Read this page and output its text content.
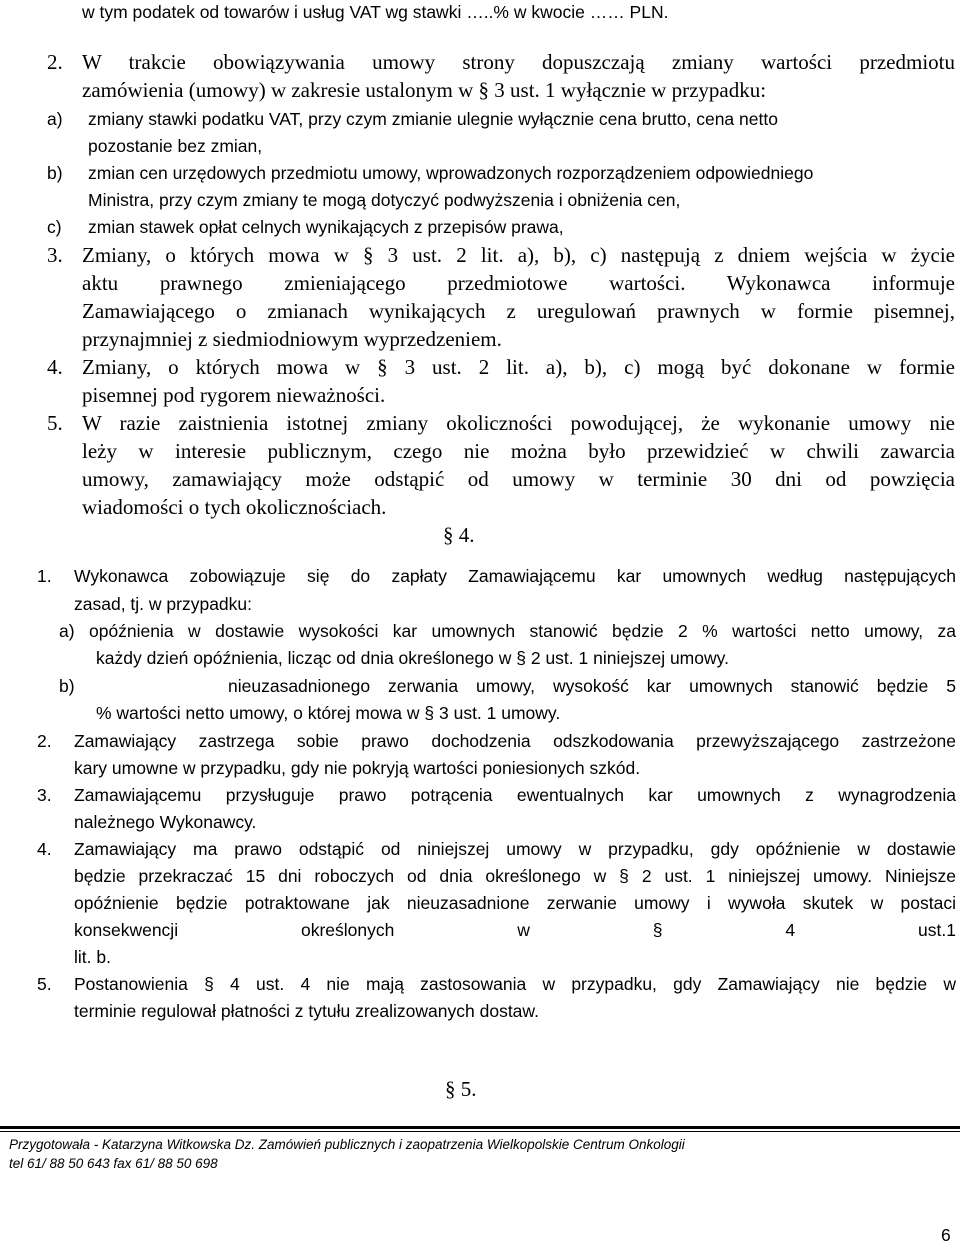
w tym podatek od towarów i usług VAT wg stawki …..% w kwocie …… PLN.
2. W trakcie obowiązywania umowy strony dopuszczają zmiany wartości przedmiotu
zamówienia (umowy) w zakresie ustalonym w § 3 ust. 1 wyłącznie w przypadku:
a) zmiany stawki podatku VAT, przy czym zmianie ulegnie wyłącznie cena brutto, cena netto
pozostanie bez zmian,
b) zmian cen urzędowych przedmiotu umowy, wprowadzonych rozporządzeniem odpowiedniego
Ministra, przy czym zmiany te mogą dotyczyć podwyższenia i obniżenia cen,
c) zmian stawek opłat celnych wynikających z przepisów prawa,
3. Zmiany, o których mowa w § 3 ust. 2 lit. a), b), c) następują z dniem wejścia w życie
aktu prawnego zmieniającego przedmiotowe wartości. Wykonawca informuje
Zamawiającego o zmianach wynikających z uregulowań prawnych w formie pisemnej,
przynajmniej z siedmiodniowym wyprzedzeniem.
4. Zmiany, o których mowa w § 3 ust. 2 lit. a), b), c) mogą być dokonane w formie
pisemnej pod rygorem nieważności.
5. W razie zaistnienia istotnej zmiany okoliczności powodującej, że wykonanie umowy nie
leży w interesie publicznym, czego nie można było przewidzieć w chwili zawarcia
umowy, zamawiający może odstąpić od umowy w terminie 30 dni od powzięcia
wiadomości o tych okolicznościach.
§ 4.
1. Wykonawca zobowiązuje się do zapłaty Zamawiającemu kar umownych według następujących
zasad, tj. w przypadku:
a) opóźnienia w dostawie wysokości kar umownych stanowić będzie 2 % wartości netto umowy, za
każdy dzień opóźnienia, licząc od dnia określonego w § 2 ust. 1 niniejszej umowy.
b)	nieuzasadnionego zerwania umowy, wysokość kar umownych stanowić będzie 5
% wartości netto umowy, o której mowa w § 3 ust. 1 umowy.
2. Zamawiający zastrzega sobie prawo dochodzenia odszkodowania przewyższającego zastrzeżone
kary umowne w przypadku, gdy nie pokryją wartości poniesionych szkód.
3. Zamawiającemu przysługuje prawo potrącenia ewentualnych kar umownych z wynagrodzenia
należnego Wykonawcy.
4. Zamawiający ma prawo odstąpić od niniejszej umowy w przypadku, gdy opóźnienie w dostawie
będzie przekraczać 15 dni roboczych od dnia określonego w § 2 ust. 1 niniejszej umowy. Niniejsze
opóźnienie będzie potraktowane jak nieuzasadnione zerwanie umowy i wywoła skutek w postaci
konsekwencji określonych w § 4 ust.1
lit. b.
5. Postanowienia § 4 ust. 4 nie mają zastosowania w przypadku, gdy Zamawiający nie będzie w
terminie regulował płatności z tytułu zrealizowanych dostaw.
§ 5.
Przygotowała - Katarzyna Witkowska Dz. Zamówień publicznych i zaopatrzenia Wielkopolskie Centrum Onkologii
tel 61/ 88 50 643 fax 61/ 88 50 698
6
